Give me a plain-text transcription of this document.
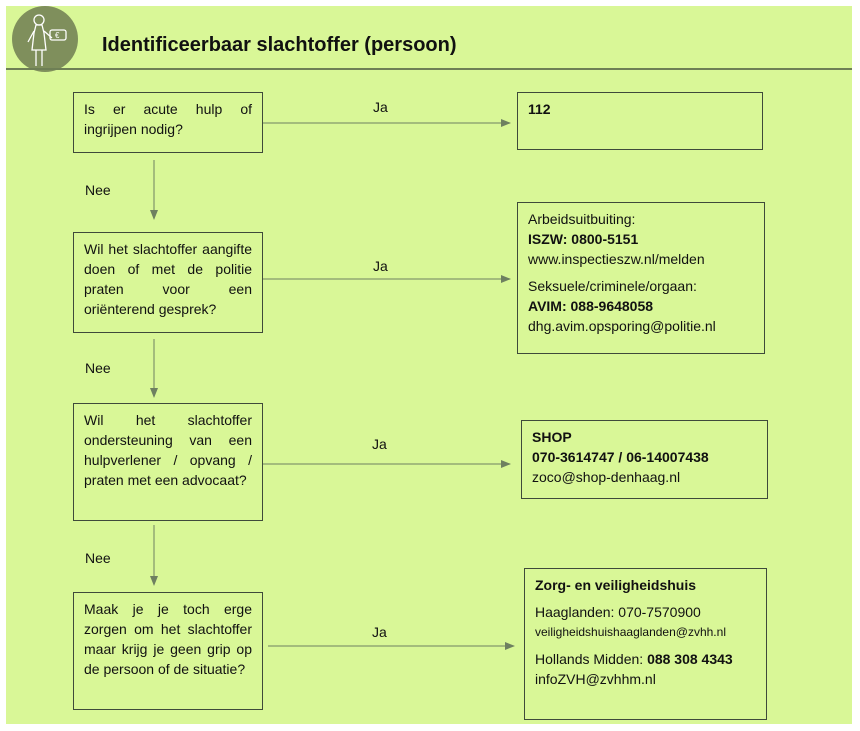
€ Identificeerbaar slachtoffer (persoon)
Ja
Ja
Ja
Ja
Nee
Nee
Nee
Is er acute hulp of ingrijpen nodig?
Wil het slachtoffer aangifte doen of met de politie praten voor een oriënterend gesprek?
Wil het slachtoffer ondersteuning van een hulpverlener / opvang / praten met een advocaat?
Maak je je toch erge zorgen om het slachtoffer maar krijg je geen grip op de persoon of de situatie?
112
Arbeidsuitbuiting:
ISZW: 0800-5151
www.inspectieszw.nl/melden
Seksuele/criminele/orgaan:
AVIM: 088-9648058
dhg.avim.opsporing@politie.nl
SHOP
070-3614747 / 06-14007438
zoco@shop-denhaag.nl
Zorg- en veiligheidshuis
Haaglanden: 070-7570900
veiligheidshuishaaglanden@zvhh.nl
Hollands Midden: 088 308 4343
infoZVH@zvhhm.nl
